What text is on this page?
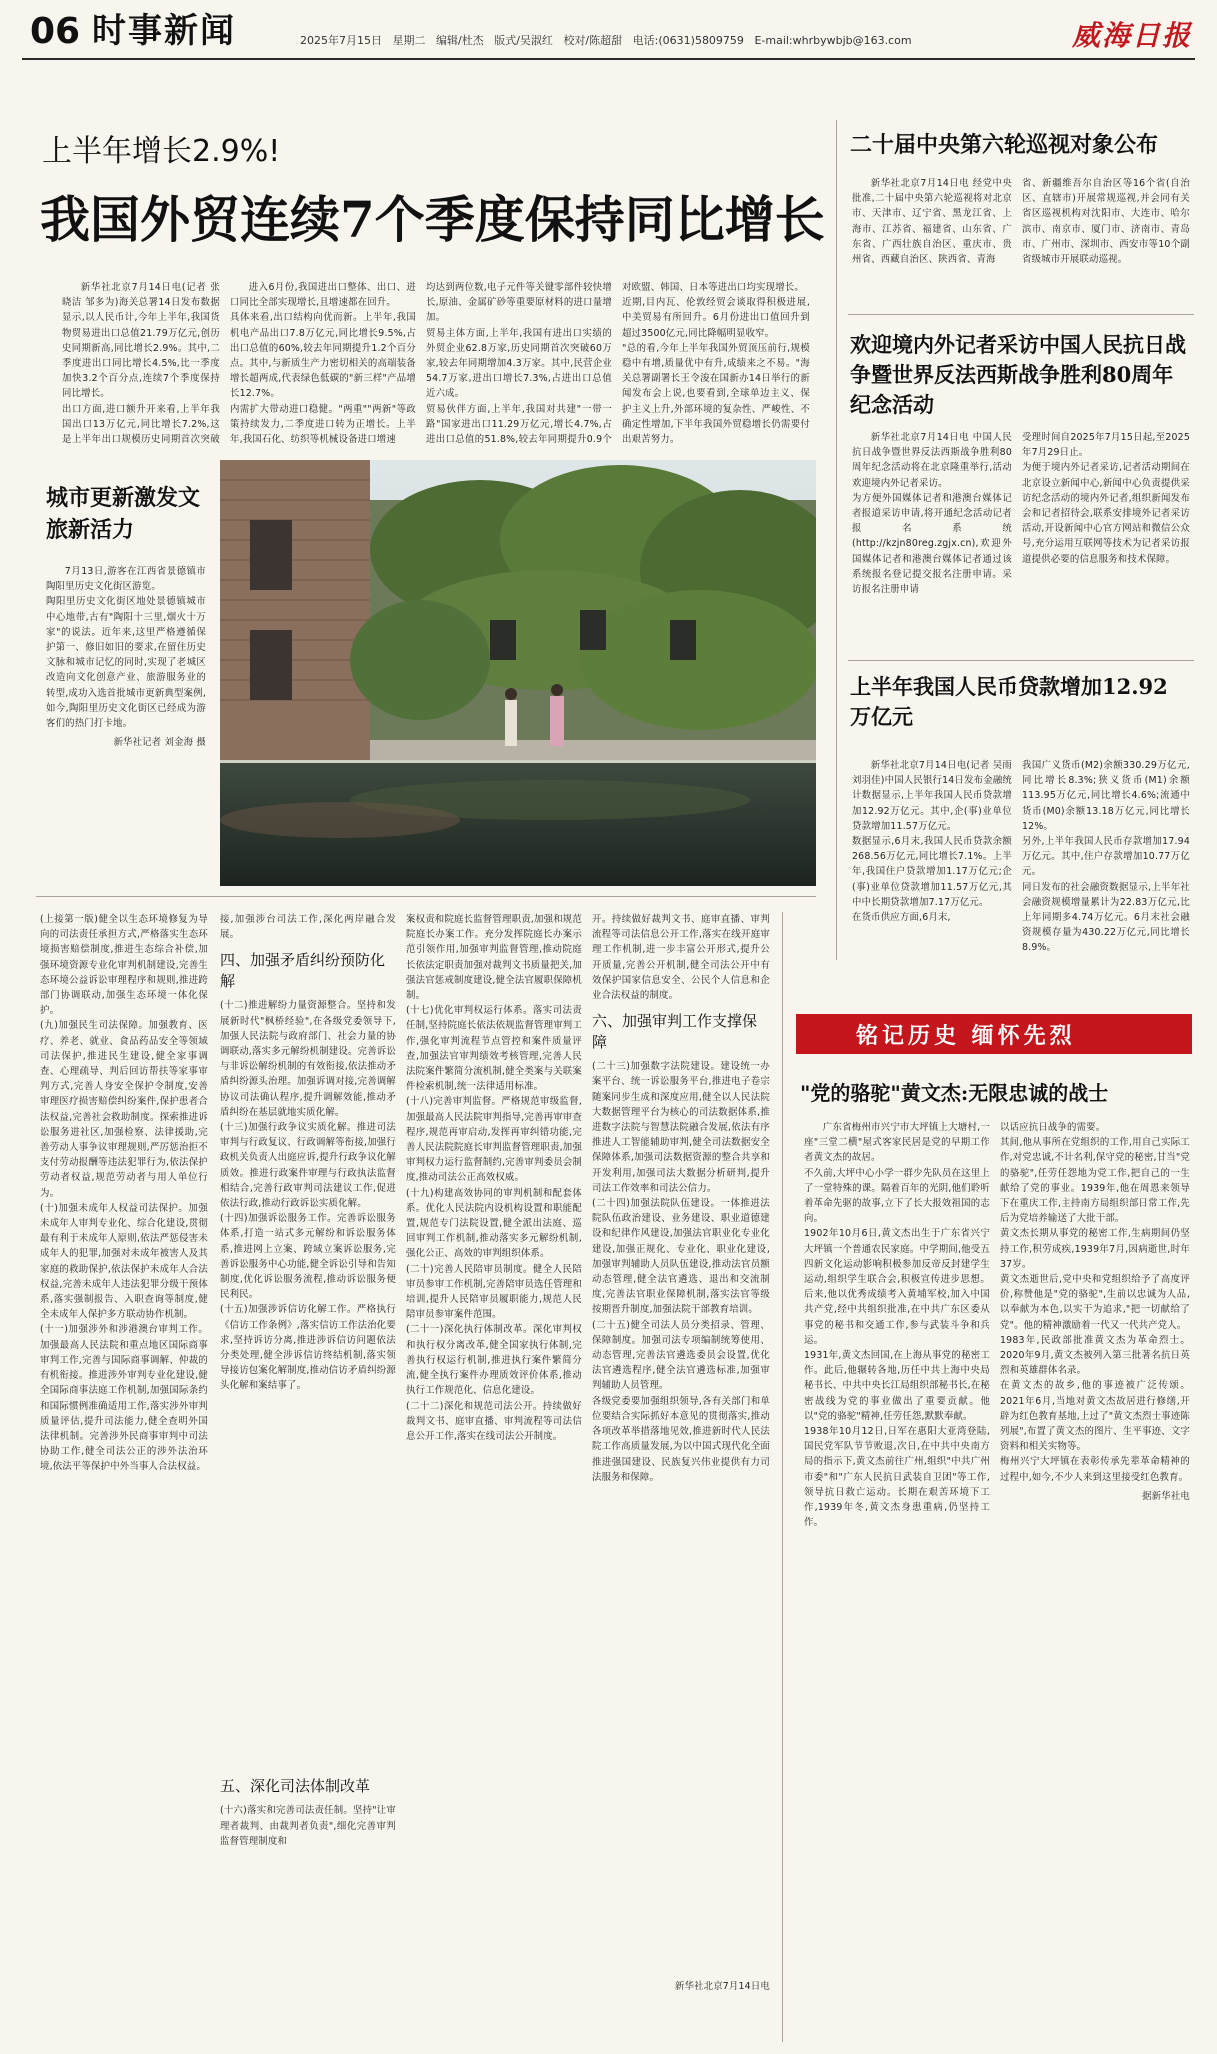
06 时事新闻	2025年7月15日 星期二 编辑/杜杰 版式/吴淑红 校对/陈超甜 电话:(0631)5809759 E-mail:whrbywbjb@163.com	威海日报
上半年增长2.9%!
我国外贸连续7个季度保持同比增长
新华社北京7月14日电(记者 张晓洁 邹多为)海关总署14日发布数据显示,以人民币计,今年上半年,我国货物贸易进出口总值21.79万亿元,创历史同期新高,同比增长2.9%。其中,二季度进出口同比增长4.5%,比一季度加快3.2个百分点,连续7个季度保持同比增长。
出口方面,进口额升开来看,上半年我国出口13万亿元,同比增长7.2%,这是上半年出口规模历史同期首次突破
进入6月份,我国进出口整体、出口、进口同比全部实现增长,且增速都在回升。
具体来看,出口结构向优而新。上半年,我国机电产品出口7.8万亿元,同比增长9.5%,占出口总值的60%,较去年同期提升1.2个百分点。其中,与新质生产力密切相关的高端装备增长超两成,代表绿色低碳的"新三样"产品增长12.7%。
内需扩大带动进口稳健。"两重""两新"等政策持续发力,二季度进口转为正增长。上半年,我国石化、纺织等机械设备进口增速
均达到两位数,电子元件等关键零部件较快增长,原油、金属矿砂等重要原材料的进口量增加。
贸易主体方面,上半年,我国有进出口实绩的外贸企业62.8万家,历史同期首次突破60万家,较去年同期增加4.3万家。其中,民营企业54.7万家,进出口增长7.3%,占进出口总值近六成。
贸易伙伴方面,上半年,我国对共建"一带一路"国家进出口11.29万亿元,增长4.7%,占进出口总值的51.8%,较去年同期提升0.9个
对欧盟、韩国、日本等进出口均实现增长。
近期,目内瓦、伦敦经贸会谈取得积极进展,中美贸易有所回升。6月份进出口值回升到超过3500亿元,同比降幅明显收窄。
"总的看,今年上半年我国外贸顶压前行,规模稳中有增,质量优中有升,成绩来之不易。"海关总署副署长王令浚在国新办14日举行的新闻发布会上说,也要看到,全球单边主义、保护主义上升,外部环境的复杂性、严峻性、不确定性增加,下半年我国外贸稳增长仍需要付出艰苦努力。
城市更新激发文旅新活力
7月13日,游客在江西省景德镇市陶阳里历史文化街区游览。
陶阳里历史文化街区地处景德镇城市中心地带,古有"陶阳十三里,烟火十万家"的说法。近年来,这里严格遵循保护第一、修旧如旧的要求,在留住历史文脉和城市记忆的同时,实现了老城区改造向文化创意产业、旅游服务业的转型,成功入选首批城市更新典型案例,如今,陶阳里历史文化街区已经成为游客们的热门打卡地。
新华社记者 刘金海 摄
二十届中央第六轮巡视对象公布
新华社北京7月14日电 经党中央批准,二十届中央第六轮巡视将对北京市、天津市、辽宁省、黑龙江省、上海市、江苏省、福建省、山东省、广东省、广西壮族自治区、重庆市、贵州省、西藏自治区、陕西省、青海
省、新疆维吾尔自治区等16个省(自治区、直辖市)开展常规巡视,并会同有关省区巡视机构对沈阳市、大连市、哈尔滨市、南京市、厦门市、济南市、青岛市、广州市、深圳市、西安市等10个副省级城市开展联动巡视。
欢迎境内外记者采访中国人民抗日战争暨世界反法西斯战争胜利80周年纪念活动
新华社北京7月14日电 中国人民抗日战争暨世界反法西斯战争胜利80周年纪念活动将在北京隆重举行,活动欢迎境内外记者采访。
为方便外国媒体记者和港澳台媒体记者报道采访申请,将开通纪念活动记者报名系统(http://kzjn80reg.zgjx.cn),欢迎外国媒体记者和港澳台媒体记者通过该系统报名登记提交报名注册申请。采访报名注册申请
受理时间自2025年7月15日起,至2025年7月29日止。
为便于境内外记者采访,记者活动期间在北京设立新闻中心,新闻中心负责提供采访纪念活动的境内外记者,组织新闻发布会和记者招待会,联系安排境外记者采访活动,开设新闻中心官方网站和微信公众号,充分运用互联网等技术为记者采访报道提供必要的信息服务和技术保障。
上半年我国人民币贷款增加12.92万亿元
新华社北京7月14日电(记者 吴雨 刘羽佳)中国人民银行14日发布金融统计数据显示,上半年我国人民币贷款增加12.92万亿元。其中,企(事)业单位贷款增加11.57万亿元。
数据显示,6月末,我国人民币贷款余额268.56万亿元,同比增长7.1%。上半年,我国住户贷款增加1.17万亿元;企(事)业单位贷款增加11.57万亿元,其中中长期贷款增加7.17万亿元。
在货币供应方面,6月末,
我国广义货币(M2)余额330.29万亿元,同比增长8.3%;狭义货币(M1)余额113.95万亿元,同比增长4.6%;流通中货币(M0)余额13.18万亿元,同比增长12%。
另外,上半年我国人民币存款增加17.94万亿元。其中,住户存款增加10.77万亿元。
同日发布的社会融资数据显示,上半年社会融资规模增量累计为22.83万亿元,比上年同期多4.74万亿元。6月末社会融资规模存量为430.22万亿元,同比增长8.9%。
(上接第一版)健全以生态环境修复为导向的司法责任承担方式,严格落实生态环境损害赔偿制度,推进生态综合补偿,加强环境资源专业化审判机制建设,完善生态环境公益诉讼审理程序和规则,推进跨部门协调联动,加强生态环境一体化保护。
(九)加强民生司法保障。加强教育、医疗、养老、就业、食品药品安全等领域司法保护,推进民生建设,健全家事调查、心理疏导、判后回访帮扶等家事审判方式,完善人身安全保护令制度,安善审理医疗损害赔偿纠纷案件,保护患者合法权益,完善社会救助制度。探索推进诉讼服务进社区,加强检察、法律援助,完善劳动人事争议审理规则,严厉惩治拒不支付劳动报酬等违法犯罪行为,依法保护劳动者权益,规范劳动者与用人单位行为。
(十)加强未成年人权益司法保护。加强未成年人审判专业化、综合化建设,贯彻最有利于未成年人原则,依法严惩侵害未成年人的犯罪,加强对未成年被害人及其家庭的救助保护,依法保护未成年人合法权益,完善未成年人违法犯罪分级干预体系,落实强制报告、入职查询等制度,健全未成年人保护多方联动协作机制。
(十一)加强涉外和涉港澳台审判工作。加强最高人民法院和重点地区国际商事审判工作,完善与国际商事调解、仲裁的有机衔接。推进涉外审判专业化建设,健全国际商事法庭工作机制,加强国际条约和国际惯例准确适用工作,落实涉外审判质量评估,提升司法能力,健全查明外国法律机制。完善涉外民商事审判中司法协助工作,健全司法公正的涉外法治环境,依法平等保护中外当事人合法权益。
接,加强涉台司法工作,深化两岸融合发展。
四、加强矛盾纠纷预防化解
(十二)推进解纷力量资源整合。坚持和发展新时代"枫桥经验",在各级党委领导下,加强人民法院与政府部门、社会力量的协调联动,落实多元解纷机制建设。完善诉讼与非诉讼解纷机制的有效衔接,依法推动矛盾纠纷源头治理。加强诉调对接,完善调解协议司法确认程序,提升调解效能,推动矛盾纠纷在基层就地实质化解。
(十三)加强行政争议实质化解。推进司法审判与行政复议、行政调解等衔接,加强行政机关负责人出庭应诉,提升行政争议化解质效。推进行政案件审理与行政执法监督相结合,完善行政审判司法建议工作,促进依法行政,推动行政诉讼实质化解。
(十四)加强诉讼服务工作。完善诉讼服务体系,打造一站式多元解纷和诉讼服务体系,推进网上立案、跨域立案诉讼服务,完善诉讼服务中心功能,健全诉讼引导和告知制度,优化诉讼服务流程,推动诉讼服务便民利民。
(十五)加强涉诉信访化解工作。严格执行《信访工作条例》,落实信访工作法治化要求,坚持诉访分离,推进涉诉信访问题依法分类处理,健全涉诉信访终结机制,落实领导接访包案化解制度,推动信访矛盾纠纷源头化解和案结事了。
五、深化司法体制改革
(十六)落实和完善司法责任制。坚持"让审理者裁判、由裁判者负责",细化完善审判监督管理制度和
案权责和院庭长监督管理职责,加强和规范院庭长办案工作。充分发挥院庭长办案示范引领作用,加强审判监督管理,推动院庭长依法定职责加强对裁判文书质量把关,加强法官惩戒制度建设,健全法官履职保障机制。
(十七)优化审判权运行体系。落实司法责任制,坚持院庭长依法依规监督管理审判工作,强化审判流程节点管控和案件质量评查,加强法官审判绩效考核管理,完善人民法院案件繁简分流机制,健全类案与关联案件检索机制,统一法律适用标准。
(十八)完善审判监督。严格规范审级监督,加强最高人民法院审判指导,完善再审审查程序,规范再审启动,发挥再审纠错功能,完善人民法院院庭长审判监督管理职责,加强审判权力运行监督制约,完善审判委员会制度,推动司法公正高效权威。
(十九)构建高效协同的审判机制和配套体系。优化人民法院内设机构设置和职能配置,规范专门法院设置,健全派出法庭、巡回审判工作机制,推动落实多元解纷机制,强化公正、高效的审判组织体系。
(二十)完善人民陪审员制度。健全人民陪审员参审工作机制,完善陪审员选任管理和培训,提升人民陪审员履职能力,规范人民陪审员参审案件范围。
(二十一)深化执行体制改革。深化审判权和执行权分离改革,健全国家执行体制,完善执行权运行机制,推进执行案件繁简分流,健全执行案件办理质效评价体系,推动执行工作规范化、信息化建设。
(二十二)深化和规范司法公开。持续做好裁判文书、庭审直播、审判流程等司法信息公开工作,落实在线司法公开制度。
开。持续做好裁判文书、庭审直播、审判流程等司法信息公开工作,落实在线开庭审理工作机制,进一步丰富公开形式,提升公开质量,完善公开机制,健全司法公开中有效保护国家信息安全、公民个人信息和企业合法权益的制度。
六、加强审判工作支撑保障
(二十三)加强数字法院建设。建设统一办案平台、统一诉讼服务平台,推进电子卷宗随案同步生成和深度应用,健全以人民法院大数据管理平台为核心的司法数据体系,推进数字法院与智慧法院融合发展,依法有序推进人工智能辅助审判,健全司法数据安全保障体系,加强司法数据资源的整合共享和开发利用,加强司法大数据分析研判,提升司法工作效率和司法公信力。
(二十四)加强法院队伍建设。一体推进法院队伍政治建设、业务建设、职业道德建设和纪律作风建设,加强法官职业化专业化建设,加强正规化、专业化、职业化建设,加强审判辅助人员队伍建设,推动法官员额动态管理,健全法官遴选、退出和交流制度,完善法官职业保障机制,落实法官等级按期晋升制度,加强法院干部教育培训。
(二十五)健全司法人员分类招录、管理、保障制度。加强司法专项编制统筹使用、动态管理,完善法官遴选委员会设置,优化法官遴选程序,健全法官遴选标准,加强审判辅助人员管理。
各级党委要加强组织领导,各有关部门和单位要结合实际抓好本意见的贯彻落实,推动各项改革举措落地见效,推进新时代人民法院工作高质量发展,为以中国式现代化全面推进强国建设、民族复兴伟业提供有力司法服务和保障。
新华社北京7月14日电
铭记历史 缅怀先烈
"党的骆驼"黄文杰:无限忠诚的战士
广东省梅州市兴宁市大坪镇上大塘村,一座"三堂二横"屋式客家民居是党的早期工作者黄文杰的故居。
不久前,大坪中心小学一群少先队员在这里上了一堂特殊的课。隔着百年的光阴,他们聆听着革命先驱的故事,立下了长大报效祖国的志向。
1902年10月6日,黄文杰出生于广东省兴宁大坪镇一个普通农民家庭。中学期间,他受五四新文化运动影响积极参加反帝反封建学生运动,组织学生联合会,积极宣传进步思想。后来,他以优秀成绩考入黄埔军校,加入中国共产党,经中共组织批准,在中共广东区委从事党的秘书和交通工作,参与武装斗争和兵运。
1931年,黄文杰回国,在上海从事党的秘密工作。此后,他辗转各地,历任中共上海中央局秘书长、中共中央长江局组织部秘书长,在秘密战线为党的事业做出了重要贡献。他以"党的骆驼"精神,任劳任怨,默默奉献。
1938年10月12日,日军在惠阳大亚湾登陆,国民党军队节节败退,次日,在中共中央南方局的指示下,黄文杰前往广州,组织"中共广州市委"和"广东人民抗日武装自卫团"等工作,领导抗日救亡运动。长期在艰苦环境下工作,1939年冬,黄文杰身患重病,仍坚持工作。
以话应抗日战争的需要。
其间,他从事所在党组织的工作,用自己实际工作,对党忠诚,不计名利,保守党的秘密,甘当"党的骆驼",任劳任怨地为党工作,把自己的一生献给了党的事业。1939年,他在周恩来领导下在重庆工作,主持南方局组织部日常工作,先后为党培养输送了大批干部。
黄文杰长期从事党的秘密工作,生病期间仍坚持工作,积劳成疾,1939年7月,因病逝世,时年37岁。
黄文杰逝世后,党中央和党组织给予了高度评价,称赞他是"党的骆驼",生前以忠诚为人品,以奉献为本色,以实干为追求,"把一切献给了党"。他的精神激励着一代又一代共产党人。
1983年,民政部批准黄文杰为革命烈士。2020年9月,黄文杰被列入第三批著名抗日英烈和英雄群体名录。
在黄文杰的故乡,他的事迹被广泛传颂。2021年6月,当地对黄文杰故居进行修缮,开辟为红色教育基地,上过了"黄文杰烈士事迹陈列展",布置了黄文杰的图片、生平事迹、文字资料和相关实物等。
梅州兴宁大坪镇在表彰传承先辈革命精神的过程中,如今,不少人来到这里接受红色教育。
据新华社电
